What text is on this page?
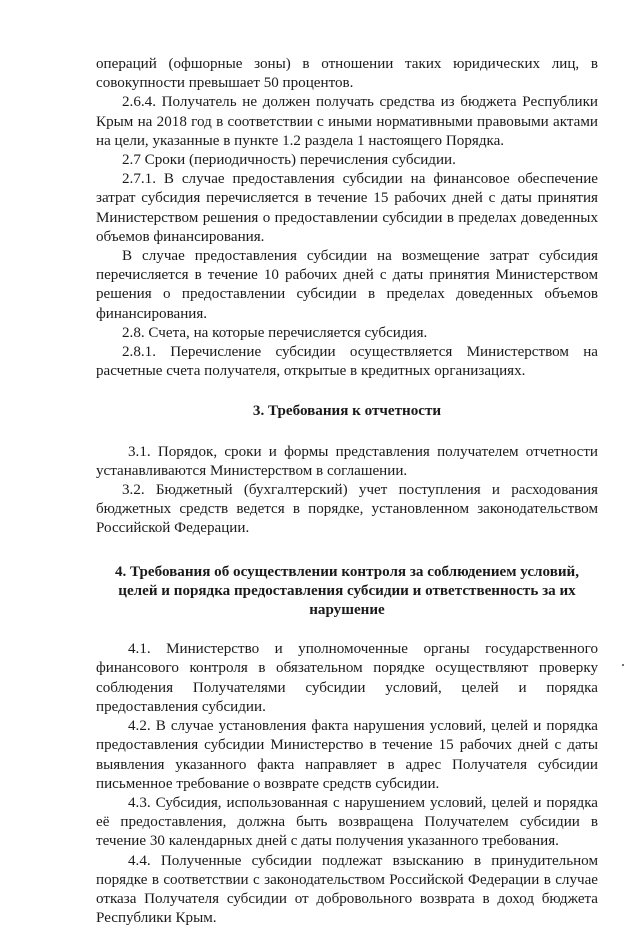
операций (офшорные зоны) в отношении таких юридических лиц, в совокупности превышает 50 процентов.

2.6.4. Получатель не должен получать средства из бюджета Республики Крым на 2018 год в соответствии с иными нормативными правовыми актами на цели, указанные в пункте 1.2 раздела 1 настоящего Порядка.

2.7 Сроки (периодичность) перечисления субсидии.

2.7.1. В случае предоставления субсидии на финансовое обеспечение затрат субсидия перечисляется в течение 15 рабочих дней с даты принятия Министерством решения о предоставлении субсидии в пределах доведенных объемов финансирования.

В случае предоставления субсидии на возмещение затрат субсидия перечисляется в течение 10 рабочих дней с даты принятия Министерством решения о предоставлении субсидии в пределах доведенных объемов финансирования.

2.8. Счета, на которые перечисляется субсидия.

2.8.1. Перечисление субсидии осуществляется Министерством на расчетные счета получателя, открытые в кредитных организациях.

3. Требования к отчетности

3.1. Порядок, сроки и формы представления получателем отчетности устанавливаются Министерством в соглашении.

3.2. Бюджетный (бухгалтерский) учет поступления и расходования бюджетных средств ведется в порядке, установленном законодательством Российской Федерации.

4. Требования об осуществлении контроля за соблюдением условий, целей и порядка предоставления субсидии и ответственность за их нарушение

4.1. Министерство и уполномоченные органы государственного финансового контроля в обязательном порядке осуществляют проверку соблюдения Получателями субсидии условий, целей и порядка предоставления субсидии.

4.2. В случае установления факта нарушения условий, целей и порядка предоставления субсидии Министерство в течение 15 рабочих дней с даты выявления указанного факта направляет в адрес Получателя субсидии письменное требование о возврате средств субсидии.

4.3. Субсидия, использованная с нарушением условий, целей и порядка её предоставления, должна быть возвращена Получателем субсидии в течение 30 календарных дней с даты получения указанного требования.

4.4. Полученные субсидии подлежат взысканию в принудительном порядке в соответствии с законодательством Российской Федерации в случае отказа Получателя субсидии от добровольного возврата в доход бюджета Республики Крым.
